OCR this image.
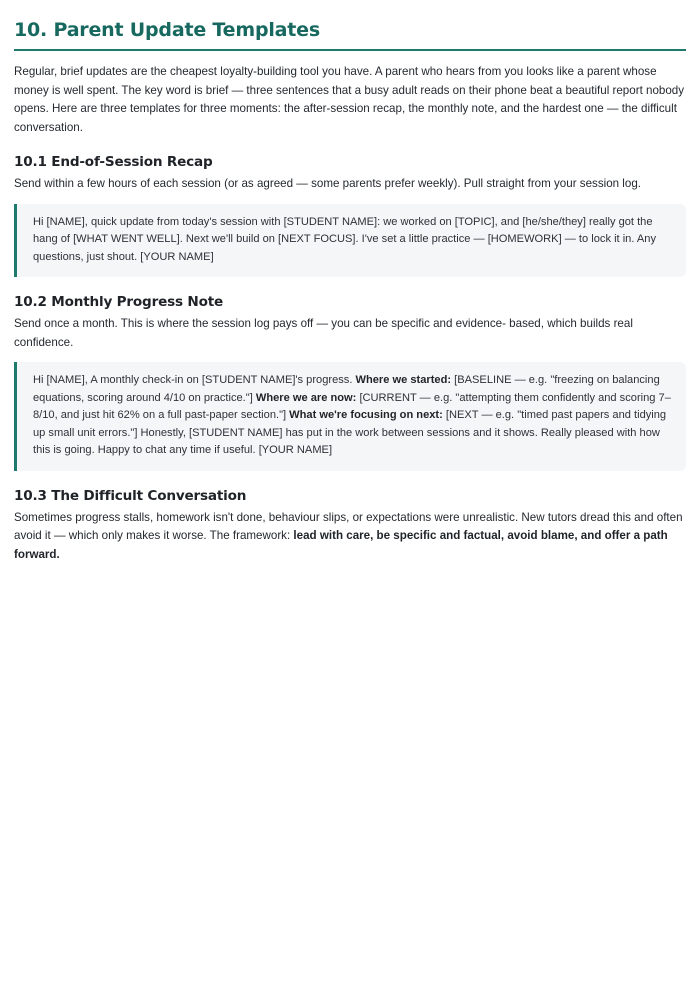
10. Parent Update Templates

Regular, brief updates are the cheapest loyalty-building tool you have. A parent who hears from you looks like a parent whose money is well spent. The key word is brief — three sentences that a busy adult reads on their phone beat a beautiful report nobody opens. Here are three templates for three moments: the after-session recap, the monthly note, and the hardest one — the difficult conversation.

10.1 End-of-Session Recap

Send within a few hours of each session (or as agreed — some parents prefer weekly). Pull straight from your session log.

Hi [NAME], quick update from today's session with [STUDENT NAME]: we worked on [TOPIC], and [he/she/they] really got the hang of [WHAT WENT WELL]. Next we'll build on [NEXT FOCUS]. I've set a little practice — [HOMEWORK] — to lock it in. Any questions, just shout. [YOUR NAME]

10.2 Monthly Progress Note

Send once a month. This is where the session log pays off — you can be specific and evidence- based, which builds real confidence.

Hi [NAME], A monthly check-in on [STUDENT NAME]'s progress. Where we started: [BASELINE — e.g. "freezing on balancing equations, scoring around 4/10 on practice."] Where we are now: [CURRENT — e.g. "attempting them confidently and scoring 7–8/10, and just hit 62% on a full past-paper section."] What we're focusing on next: [NEXT — e.g. "timed past papers and tidying up small unit errors."] Honestly, [STUDENT NAME] has put in the work between sessions and it shows. Really pleased with how this is going. Happy to chat any time if useful. [YOUR NAME]

10.3 The Difficult Conversation

Sometimes progress stalls, homework isn't done, behaviour slips, or expectations were unrealistic. New tutors dread this and often avoid it — which only makes it worse. The framework: lead with care, be specific and factual, avoid blame, and offer a path forward.
